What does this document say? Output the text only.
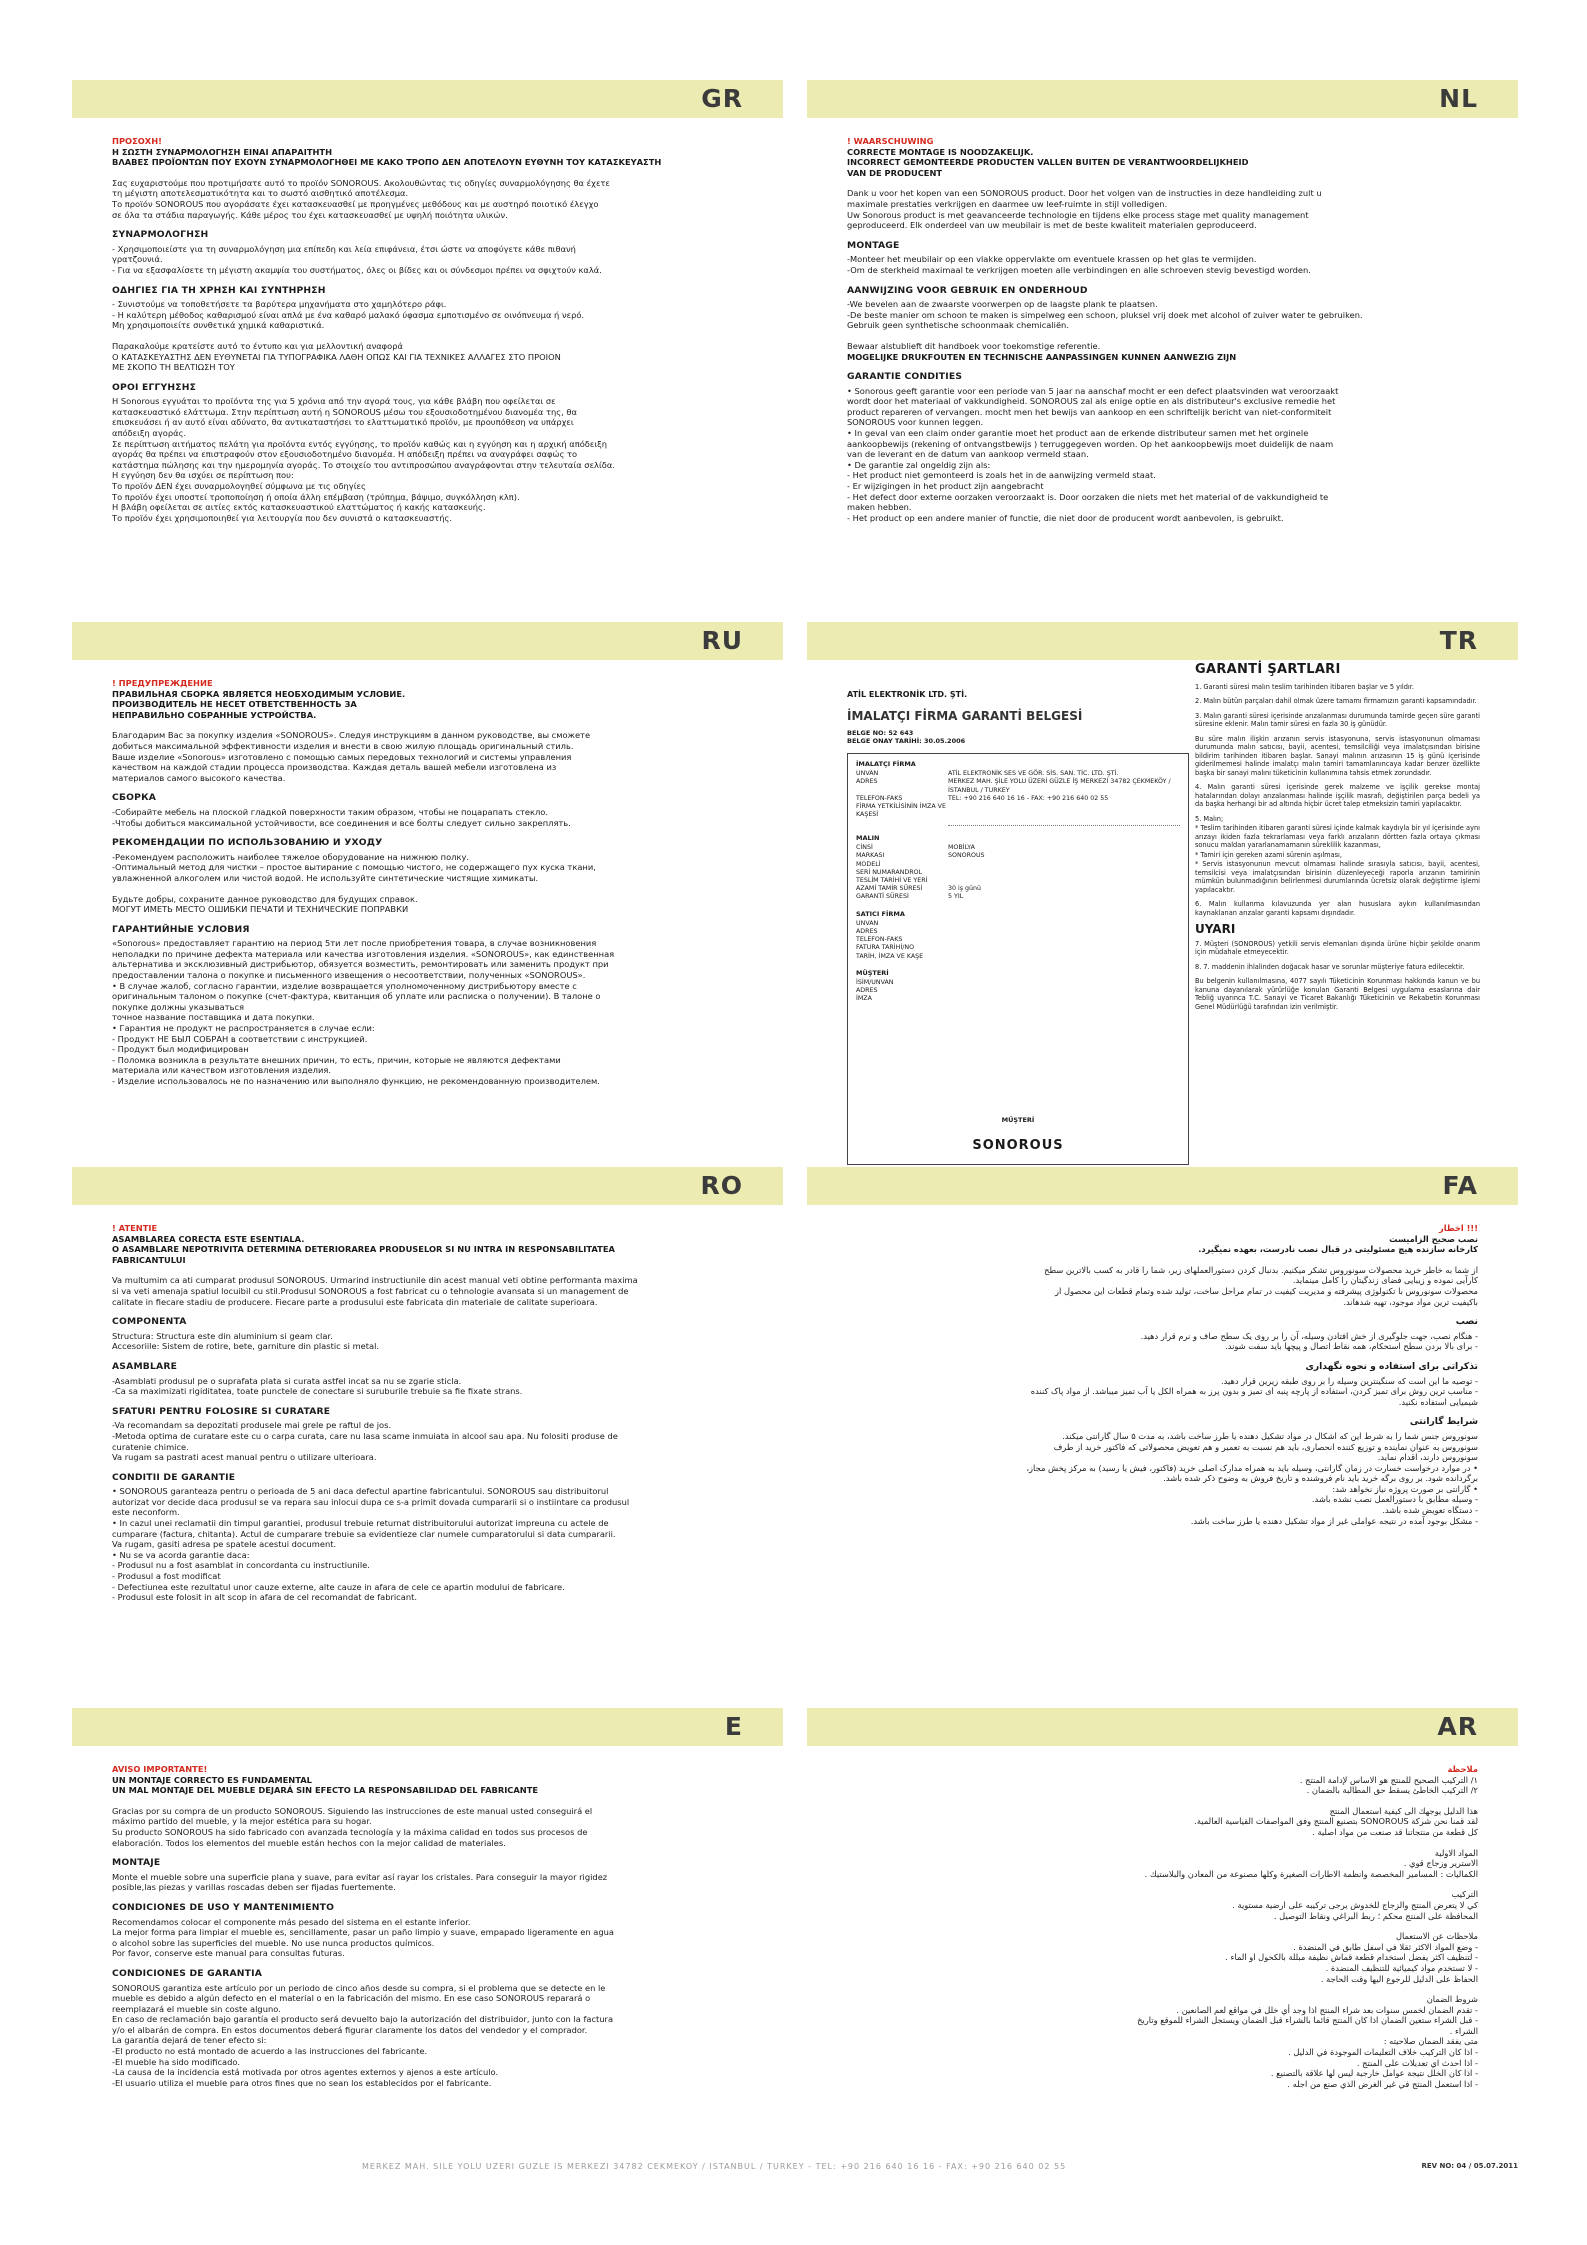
GR
ΠΡΟΣΟΧΗ!
Η ΣΩΣΤΗ ΣΥΝΑΡΜΟΛΟΓΗΣΗ ΕΙΝΑΙ ΑΠΑΡΑΙΤΗΤΗ
ΒΛΑΒΕΣ ΠΡΟΪΟΝΤΩΝ ΠΟΥ ΕΧΟΥΝ ΣΥΝΑΡΜΟΛΟΓΗΘΕΙ ΜΕ ΚΑΚΟ ΤΡΟΠΟ ΔΕΝ ΑΠΟΤΕΛΟΥΝ ΕΥΘΥΝΗ ΤΟΥ ΚΑΤΑΣΚΕΥΑΣΤΗ
Σας ευχαριστούμε που προτιμήσατε αυτό το προϊόν SONOROUS. Ακολουθώντας τις οδηγίες συναρμολόγησης θα έχετε
τη μέγιστη αποτελεσματικότητα και το σωστό αισθητικό αποτέλεσμα.
Το προϊόν SONOROUS που αγοράσατε έχει κατασκευασθεί με προηγμένες μεθόδους και με αυστηρό ποιοτικό έλεγχο
σε όλα τα στάδια παραγωγής. Κάθε μέρος του έχει κατασκευασθεί με υψηλή ποιότητα υλικών.
ΣΥΝΑΡΜΟΛΟΓΗΣΗ
- Χρησιμοποιείστε για τη συναρμολόγηση μια επίπεδη και λεία επιφάνεια, έτσι ώστε να αποφύγετε κάθε πιθανή
γρατζουνιά.
- Για να εξασφαλίσετε τη μέγιστη ακαμψία του συστήματος, όλες οι βίδες και οι σύνδεσμοι πρέπει να σφιχτούν καλά.
ΟΔΗΓΙΕΣ ΓΙΑ ΤΗ ΧΡΗΣΗ ΚΑΙ ΣΥΝΤΗΡΗΣΗ
- Συνιστούμε να τοποθετήσετε τα βαρύτερα μηχανήματα στο χαμηλότερο ράφι.
- Η καλύτερη μέθοδος καθαρισμού είναι απλά με ένα καθαρό μαλακό ύφασμα εμποτισμένο σε οινόπνευμα ή νερό.
Μη χρησιμοποιείτε συνθετικά χημικά καθαριστικά.
Παρακαλούμε κρατείστε αυτό το έντυπο και για μελλοντική αναφορά
Ο ΚΑΤΑΣΚΕΥΑΣΤΗΣ ΔΕΝ ΕΥΘΥΝΕΤΑΙ ΓΙΑ ΤΥΠΟΓΡΑΦΙΚΑ ΛΑΘΗ ΟΠΩΣ ΚΑΙ ΓΙΑ ΤΕΧΝΙΚΕΣ ΑΛΛΑΓΕΣ ΣΤΟ ΠΡΟΙΟΝ
ΜΕ ΣΚΟΠΟ ΤΗ ΒΕΛΤΙΩΣΗ ΤΟΥ
ΟΡΟΙ ΕΓΓΥΗΣΗΣ
Η Sonorous εγγυάται το προϊόντα της για 5 χρόνια από την αγορά τους, για κάθε βλάβη που οφείλεται σε
κατασκευαστικό ελάττωμα. Στην περίπτωση αυτή η SONOROUS μέσω του εξουσιοδοτημένου διανομέα της, θα
επισκευάσει ή αν αυτό είναι αδύνατο, θα αντικαταστήσει το ελαττωματικό προϊόν, με προυπόθεση να υπάρχει
απόδειξη αγοράς.
Σε περίπτωση αιτήματος πελάτη για προϊόντα εντός εγγύησης, το προϊόν καθώς και η εγγύηση και η αρχική απόδειξη
αγοράς θα πρέπει να επιστραφούν στον εξουσιοδοτημένο διανομέα. Η απόδειξη πρέπει να αναγράφει σαφώς το
κατάστημα πώλησης και την ημερομηνία αγοράς. Το στοιχείο του αντιπροσώπου αναγράφονται στην τελευταία σελίδα.
Η εγγύηση δεν θα ισχύει σε περίπτωση που:
Το προϊόν ΔΕΝ έχει συναρμολογηθεί σύμφωνα με τις οδηγίες
Το προϊόν έχει υποστεί τροποποίηση ή οποία άλλη επέμβαση (τρύπημα, βάψιμο, συγκόλληση κλπ).
Η βλάβη οφείλεται σε αιτίες εκτός κατασκευαστικού ελαττώματος ή κακής κατασκευής.
Το προϊόν έχει χρησιμοποιηθεί για λειτουργία που δεν συνιστά ο κατασκευαστής.
NL
! WAARSCHUWING
CORRECTE MONTAGE IS NOODZAKELIJK.
INCORRECT GEMONTEERDE PRODUCTEN VALLEN BUITEN DE VERANTWOORDELIJKHEID
VAN DE PRODUCENT
Dank u voor het kopen van een SONOROUS product. Door het volgen van de instructies in deze handleiding zult u
maximale prestaties verkrijgen en daarmee uw leef-ruimte in stijl volledigen.
Uw Sonorous product is met geavanceerde technologie en tijdens elke process stage met quality management
geproduceerd. Elk onderdeel van uw meubilair is met de beste kwaliteit materialen geproduceerd.
MONTAGE
-Monteer het meubilair op een vlakke oppervlakte om eventuele krassen op het glas te vermijden.
-Om de sterkheid maximaal te verkrijgen moeten alle verbindingen en alle schroeven stevig bevestigd worden.
AANWIJZING VOOR GEBRUIK EN ONDERHOUD
-We bevelen aan de zwaarste voorwerpen op de laagste plank te plaatsen.
-De beste manier om schoon te maken is simpelweg een schoon, pluksel vrij doek met alcohol of zuiver water te gebruiken.
Gebruik geen synthetische schoonmaak chemicaliën.
Bewaar alstublieft dit handboek voor toekomstige referentie.
MOGELIJKE DRUKFOUTEN EN TECHNISCHE AANPASSINGEN KUNNEN AANWEZIG ZIJN
GARANTIE CONDITIES
• Sonorous geeft garantie voor een periode van 5 jaar na aanschaf mocht er een defect plaatsvinden wat veroorzaakt
wordt door het materiaal of vakkundigheid. SONOROUS zal als enige optie en als distributeur's exclusive remedie het
product repareren of vervangen. mocht men het bewijs van aankoop en een schriftelijk bericht van niet-conformiteit
SONOROUS voor kunnen leggen.
• In geval van een claim onder garantie moet het product aan de erkende distributeur samen met het orginele
aankoopbewijs (rekening of ontvangstbewijs ) terruggegeven worden. Op het aankoopbewijs moet duidelijk de naam
van de leverant en de datum van aankoop vermeld staan.
• De garantie zal ongeldig zijn als:
- Het product niet gemonteerd is zoals het in de aanwijzing vermeld staat.
- Er wijzigingen in het product zijn aangebracht
- Het defect door externe oorzaken veroorzaakt is. Door oorzaken die niets met het material of de vakkundigheid te
maken hebben.
- Het product op een andere manier of functie, die niet door de producent wordt aanbevolen, is gebruikt.
RU
! ПРЕДУПРЕЖДЕНИЕ
ПРАВИЛЬНАЯ СБОРКА ЯВЛЯЕТСЯ НЕОБХОДИМЫМ УСЛОВИЕ.
ПРОИЗВОДИТЕЛЬ НЕ НЕСЕТ ОТВЕТСТВЕННОСТЬ ЗА
НЕПРАВИЛЬНО СОБРАННЫЕ УСТРОЙСТВА.
Благодарим Вас за покупку изделия «SONOROUS». Следуя инструкциям в данном руководстве, вы сможете
добиться максимальной эффективности изделия и внести в свою жилую площадь оригинальный стиль.
Ваше изделие «Sonorous» изготовлено с помощью самых передовых технологий и системы управления
качеством на каждой стадии процесса производства. Каждая деталь вашей мебели изготовлена из
материалов самого высокого качества.
СБОРКА
-Собирайте мебель на плоской гладкой поверхности таким образом, чтобы не поцарапать стекло.
-Чтобы добиться максимальной устойчивости, все соединения и все болты следует сильно закреплять.
РЕКОМЕНДАЦИИ ПО ИСПОЛЬЗОВАНИЮ И УХОДУ
-Рекомендуем расположить наиболее тяжелое оборудование на нижнюю полку.
-Оптимальный метод для чистки – простое вытирание с помощью чистого, не содержащего пух куска ткани,
увлажненной алкоголем или чистой водой. Не используйте синтетические чистящие химикаты.
Будьте добры, сохраните данное руководство для будущих справок.
МОГУТ ИМЕТЬ МЕСТО ОШИБКИ ПЕЧАТИ И ТЕХНИЧЕСКИЕ ПОПРАВКИ
ГАРАНТИЙНЫЕ УСЛОВИЯ
«Sonorous» предоставляет гарантию на период 5ти лет после приобретения товара, в случае возникновения
неполадки по причине дефекта материала или качества изготовления изделия. «SONOROUS», как единственная
альтернатива и эксклюзивный дистрибьютор, обязуется возместить, ремонтировать или заменить продукт при
предоставлении талона о покупке и письменного извещения о несоответствии, полученных «SONOROUS».
• В случае жалоб, согласно гарантии, изделие возвращается уполномоченному дистрибьютору вместе с
оригинальным талоном о покупке (счет-фактура, квитанция об уплате или расписка о получении). В талоне о
покупке должны указываться
точное название поставщика и дата покупки.
• Гарантия не продукт не распространяется в случае если:
- Продукт НЕ БЫЛ СОБРАН в соответствии с инструкцией.
- Продукт был модифицирован
- Поломка возникла в результате внешних причин, то есть, причин, которые не являются дефектами
материала или качеством изготовления изделия.
- Изделие использовалось не по назначению или выполняло функцию, не рекомендованную производителем.
TR
ATİL ELEKTRONİK LTD. ŞTİ.
İMALATÇI FİRMA GARANTİ BELGESİ
BELGE NO: 52 643
BELGE ONAY TARİHİ: 30.05.2006
İMALATÇI FİRMA
UNVAN	ATİL ELEKTRONİK SES VE GÖR. SİS. SAN. TİC. LTD. ŞTİ.
ADRES	MERKEZ MAH. ŞİLE YOLU ÜZERİ GÜZLE İŞ MERKEZİ 34782 ÇEKMEKÖY / İSTANBUL / TURKEY
TELEFON-FAKS	TEL: +90 216 640 16 16 - FAX: +90 216 640 02 55
FİRMA YETKİLİSİNİN İMZA VE KAŞESİ
MALIN
CİNSİ	MOBİLYA
MARKASI	SONOROUS
MODELİ
SERİ NUMARANDROL
TESLİM TARİHİ VE YERİ
AZAMİ TAMİR SÜRESİ	30 iş günü
GARANTİ SÜRESİ	5 YIL
SATICI FİRMA
UNVAN
ADRES
TELEFON-FAKS
FATURA TARİHİ/NO
TARİH, İMZA VE KAŞE
MÜŞTERİ
İSİM/UNVAN
ADRES
İMZA
MÜŞTERİ
SONOROUS
GARANTİ ŞARTLARI

1. Garanti süresi malın teslim tarihinden itibaren başlar ve 5 yıldır.

2. Malın bütün parçaları dahil olmak üzere tamamı firmamızın garanti kapsamındadır.

3. Malın garanti süresi içerisinde arızalanması durumunda tamirde geçen süre garanti süresine eklenir. Malın tamir süresi en fazla 30 iş günüdür.

Bu süre malın ilişkin arızanın servis istasyonuna, servis istasyonunun olmaması durumunda malın satıcısı, bayii, acentesi, temsilciliği veya imalatçısından birisine bildirim tarihinden itibaren başlar. Sanayi malının arızasının 15 iş günü içerisinde giderilmemesi halinde imalatçı malın tamiri tamamlanıncaya kadar benzer özellikte başka bir sanayi malını tüketicinin kullanımına tahsis etmek zorundadır.

4. Malın garanti süresi içerisinde gerek malzeme ve işçilik gerekse montaj hatalarından dolayı arızalanması halinde işçilik masrafı, değiştirilen parça bedeli ya da başka herhangi bir ad altında hiçbir ücret talep etmeksizin tamiri yapılacaktır.

5. Malın;

* Teslim tarihinden itibaren garanti süresi içinde kalmak kaydıyla bir yıl içerisinde aynı arızayı ikiden fazla tekrarlaması veya farklı arızaların dörtten fazla ortaya çıkması sonucu maldan yararlanamamanın süreklilik kazanması,

* Tamiri için gereken azami sürenin aşılması,

* Servis istasyonunun mevcut olmaması halinde sırasıyla satıcısı, bayii, acentesi, temsilcisi veya imalatçısından birisinin düzenleyeceği raporla arızanın tamirinin mümkün bulunmadığının belirlenmesi durumlarında ücretsiz olarak değiştirme işlemi yapılacaktır.

6. Malın kullanma kılavuzunda yer alan hususlara aykırı kullanılmasından kaynaklanan arızalar garanti kapsamı dışındadır.

UYARI

7. Müşteri (SONOROUS) yetkili servis elemanları dışında ürüne hiçbir şekilde onarım için müdahale etmeyecektir.

8. 7. maddenin ihlalinden doğacak hasar ve sorunlar müşteriye fatura edilecektir.

Bu belgenin kullanılmasına, 4077 sayılı Tüketicinin Korunması hakkında kanun ve bu kanuna dayanılarak yürürlüğe konulan Garanti Belgesi uygulama esaslarına dair Tebliğ uyarınca T.C. Sanayi ve Ticaret Bakanlığı Tüketicinin ve Rekabetin Korunması Genel Müdürlüğü tarafından izin verilmiştir.

RO
! ATENTIE
ASAMBLAREA CORECTA ESTE ESENTIALA.
O ASAMBLARE NEPOTRIVITA DETERMINA DETERIORAREA PRODUSELOR SI NU INTRA IN RESPONSABILITATEA
FABRICANTULUI
Va multumim ca ati cumparat produsul SONOROUS. Urmarind instructiunile din acest manual veti obtine performanta maxima
si va veti amenaja spatiul locuibil cu stil.Produsul SONOROUS a fost fabricat cu o tehnologie avansata si un management de
calitate in fiecare stadiu de producere. Fiecare parte a produsului este fabricata din materiale de calitate superioara.
COMPONENTA
Structura: Structura este din aluminium si geam clar.
Accesoriile: Sistem de rotire, bete, garniture din plastic si metal.
ASAMBLARE
-Asamblati produsul pe o suprafata plata si curata astfel incat sa nu se zgarie sticla.
-Ca sa maximizati rigiditatea, toate punctele de conectare si suruburile trebuie sa fie fixate strans.
SFATURI PENTRU FOLOSIRE SI CURATARE
-Va recomandam sa depozitati produsele mai grele pe raftul de jos.
-Metoda optima de curatare este cu o carpa curata, care nu lasa scame inmuiata in alcool sau apa. Nu folositi produse de
curatenie chimice.
Va rugam sa pastrati acest manual pentru o utilizare ulterioara.
CONDITII DE GARANTIE
• SONOROUS garanteaza pentru o perioada de 5 ani daca defectul apartine fabricantului. SONOROUS sau distribuitorul
autorizat vor decide daca produsul se va repara sau inlocui dupa ce s-a primit dovada cumpararii si o instiintare ca produsul
este neconform.
• In cazul unei reclamatii din timpul garantiei, produsul trebuie returnat distribuitorului autorizat impreuna cu actele de
cumparare (factura, chitanta). Actul de cumparare trebuie sa evidentieze clar numele cumparatorului si data cumpararii.
Va rugam, gasiti adresa pe spatele acestui document.
• Nu se va acorda garantie daca:
- Produsul nu a fost asamblat in concordanta cu instructiunile.
- Produsul a fost modificat
- Defectiunea este rezultatul unor cauze externe, alte cauze in afara de cele ce apartin modului de fabricare.
- Produsul este folosit in alt scop in afara de cel recomandat de fabricant.
FA
!!! اخطار
نصب صحیح الزامیست
کارخانه سازنده هیچ مسئولیتی در قبال نصب نادرست، بعهده نمیگیرد.
از شما به خاطر خرید محصولات سونوروس تشکر میکنیم. بدنبال کردن دستورالعملهای زیر، شما را قادر به کسب بالاترین سطح
کارآیی نموده و زیبایی فضای زندگیتان را کامل مینماید.
محصولات سونوروس با تکنولوژی پیشرفته و مدیریت کیفیت در تمام مراحل ساخت، تولید شده وتمام قطعات این محصول از
باکیفیت ترین مواد موجود، تهیه شدهاند.
نصب
- هنگام نصب، جهت جلوگیری از خش افتادن وسیله، آن را بر روی یک سطح صاف و نرم قرار دهید.
- برای بالا بردن سطح استحکام، همه نقاط اتصال و پیچها باید سفت شوند.
تذکراتی برای استفاده و نحوه نگهداری
- توصیه ما این است که سنگینترین وسیله را بر روی طبقه زیرین قرار دهید.
- مناسب ترین روش برای تمیز کردن، استفاده از پارچه پنبه ای تمیز و بدون پرز به همراه الکل یا آب تمیز میباشد. از مواد پاک کننده
شیمیایی استفاده نکنید.
شرایط گارانتی
سونوروس جنس شما را به شرط این که اشکال در مواد تشکیل دهنده یا طرز ساخت باشد، به مدت ۵ سال گارانتی میکند.
سونوروس به عنوان نماینده و توزیع کننده انحصاری، باید هم نسبت به تعمیر و هم تعویض محصولاتی که فاکتور خرید از طرف
سونوروس دارند، اقدام نماید.
• در موارد درخواست خسارت در زمان گارانتی، وسیله باید به همراه مدارک اصلی خرید (فاکتور، فیش یا رسید) به مرکز پخش مجاز،
برگردانده شود. بر روی برگه خرید باید نام فروشنده و تاریخ فروش به وضوح ذکر شده باشد.
• گارانتی بر صورت پروژه نیاز نخواهد شد:
- وسیله مطابق با دستورالعمل نصب نشده باشد.
- دستگاه تعویض شده باشد.
- مشکل بوجود آمده در نتیجه عواملی غیر از مواد تشکیل دهنده یا طرز ساخت باشد.
E
AVISO IMPORTANTE!
UN MONTAJE CORRECTO ES FUNDAMENTAL
UN MAL MONTAJE DEL MUEBLE DEJARÁ SIN EFECTO LA RESPONSABILIDAD DEL FABRICANTE
Gracias por su compra de un producto SONOROUS. Siguiendo las instrucciones de este manual usted conseguirá el
máximo partido del mueble, y la mejor estética para su hogar.
Su producto SONOROUS ha sido fabricado con avanzada tecnología y la máxima calidad en todos sus procesos de
elaboración. Todos los elementos del mueble están hechos con la mejor calidad de materiales.
MONTAJE
Monte el mueble sobre una superficie plana y suave, para evitar así rayar los cristales. Para conseguir la mayor rigidez
posible,las piezas y varillas roscadas deben ser fijadas fuertemente.
CONDICIONES DE USO Y MANTENIMIENTO
Recomendamos colocar el componente más pesado del sistema en el estante inferior.
La mejor forma para limpiar el mueble es, sencillamente, pasar un paño limpio y suave, empapado ligeramente en agua
o alcohol sobre las superficies del mueble. No use nunca productos químicos.
Por favor, conserve este manual para consultas futuras.
CONDICIONES DE GARANTIA
SONOROUS garantiza este artículo por un periodo de cinco años desde su compra, si el problema que se detecte en le
mueble es debido a algún defecto en el material o en la fabricación del mismo. En ese caso SONOROUS reparará o
reemplazará el mueble sin coste alguno.
En caso de reclamación bajo garantía el producto será devuelto bajo la autorización del distribuidor, junto con la factura
y/o el albarán de compra. En estos documentos deberá figurar claramente los datos del vendedor y el comprador.
La garantía dejará de tener efecto si:
-El producto no está montado de acuerdo a las instrucciones del fabricante.
-El mueble ha sido modificado.
-La causa de la incidencia está motivada por otros agentes externos y ajenos a este artículo.
-El usuario utiliza el mueble para otros fines que no sean los establecidos por el fabricante.
AR
ملاحظة
١/ التركيب الصحيح للمنتج هو الاساس لإدامة المنتج .
٢/ التركيب الخاطئ يسقط حق المطالبة بالضمان .
هذا الدليل يوجهك الى كيفية استعمال المنتج
لقد قمنا نحن شركة SONOROUS بتصنيع المنتج وفق المواصفات القياسية العالمية.
كل قطعة من منتجاتنا قد صنعت من مواد اصلية .
المواد الاولية
الاسترير وزجاج قوي .
الكماليات : المسامير المخصصة وانظمة الاطارات الصغيرة وكلها مصنوعة من المعادن والبلاستيك .
التركيب
كي لا يتعرض المنتج والزجاج للخدوش يرجى تركيبه على ارضية مستوية .
المحافظة على المنتج محكم ؛ ربط البراغي ونقاط التوصيل .
ملاحظات عن الاستعمال
- وضع المواد الاكثر ثقلا في اسفل طابق في المنضدة .
- لتنظيف اكثر يفضل استخدام قطعة قماش نظيفة مبللة بالكحول او الماء .
- لا تستخدم مواد كيميائية للتنظيف المنضدة .
الحفاظ على الدليل للرجوع اليها وقت الحاجة .
شروط الضمان
- تقدم الضمان لخمس سنوات بعد شراء المنتج اذا وجد أي خلل في مواقع لعم الصانعين .
- قبل الشراء ستعين الضمان اذا كان المنتج قائما بالشراء قبل الضمان ويستجل الشراء للموقع وتاريخ
الشراء .
متى يفقد الضمان صلاحيته :
- اذا كان التركيب خلاف التعليمات الموجودة في الدليل .
- اذا احدث اي تعديلات على المنتج .
- اذا كان الخلل نتيجة عوامل خارجية ليس لها علاقة بالتصنيع .
- اذا استعمل المنتج في غير الغرض الذي صنع من اجله .
MERKEZ MAH. SILE YOLU UZERI GUZLE IS MERKEZI 34782 CEKMEKOY / ISTANBUL / TURKEY - TEL: +90 216 640 16 16 - FAX: +90 216 640 02 55	REV NO: 04 / 05.07.2011
